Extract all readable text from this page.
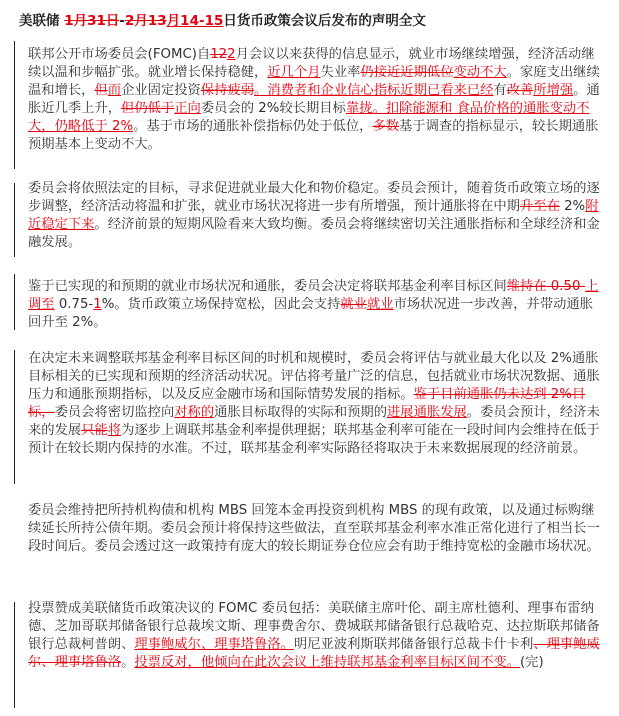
美联储 1月31日-2月13月14-15日货币政策会议后发布的声明全文

联邦公开市场委员会(FOMC)自122月会议以来获得的信息显示，就业市场继续增强，经济活动继续以温和步幅扩张。就业增长保持稳健，近几个月失业率仍接近近期低位变动不大。家庭支出继续温和增长，但而企业固定投资保持疲弱。消费者和企业信心指标近期已看来已经有改善所增强。通胀近几季上升，但仍低于正向委员会的 2%较长期目标靠拢。扣除能源和 食品价格的通胀变动不大，仍略低于 2%。基于市场的通胀补偿指标仍处于低位，多数基于调查的指标显示，较长期通胀预期基本上变动不大。

委员会将依照法定的目标，寻求促进就业最大化和物价稳定。委员会预计，随着货币政策立场的逐步调整，经济活动将温和扩张，就业市场状况将进一步有所增强，预计通胀将在中期升至在 2%附近稳定下来。经济前景的短期风险看来大致均衡。委员会将继续密切关注通胀指标和全球经济和金融发展。

鉴于已实现的和预期的就业市场状况和通胀，委员会决定将联邦基金利率目标区间维持在 0.50-上调至 0.75-1%。货币政策立场保持宽松，因此会支持就业就业市场状况进一步改善，并带动通胀回升至 2%。

在决定未来调整联邦基金利率目标区间的时机和规模时，委员会将评估与就业最大化以及 2%通胀目标相关的已实现和预期的经济活动状况。评估将考量广泛的信息，包括就业市场状况数据、通胀压力和通胀预期指标，以及反应金融市场和国际情势发展的指标。鉴于目前通胀仍未达到 2%目标，委员会将密切监控向对称的通胀目标取得的实际和预期的进展通胀发展。委员会预计，经济未来的发展只能将为逐步上调联邦基金利率提供理据；联邦基金利率可能在一段时间内会维持在低于预计在较长期内保持的水准。不过，联邦基金利率实际路径将取决于未来数据展现的经济前景。

委员会维持把所持机构债和机构 MBS 回笼本金再投资到机构 MBS 的现有政策，以及通过标购继续延长所持公债年期。委员会预计将保持这些做法，直至联邦基金利率水准正常化进行了相当长一段时间后。委员会透过这一政策持有庞大的较长期证券仓位应会有助于维持宽松的金融市场状况。

投票赞成美联储货币政策决议的 FOMC 委员包括：美联储主席叶伦、副主席杜德利、理事布雷纳德、芝加哥联邦储备银行总裁埃文斯、理事费舍尔、费城联邦储备银行总裁哈克、达拉斯联邦储备银行总裁柯普朗、理事鲍威尔、理事塔鲁洛。明尼亚波利斯联邦储备银行总裁卡什卡利、理事鲍威尔、理事塔鲁洛。投票反对，他倾向在此次会议上维持联邦基金利率目标区间不变。(完)
